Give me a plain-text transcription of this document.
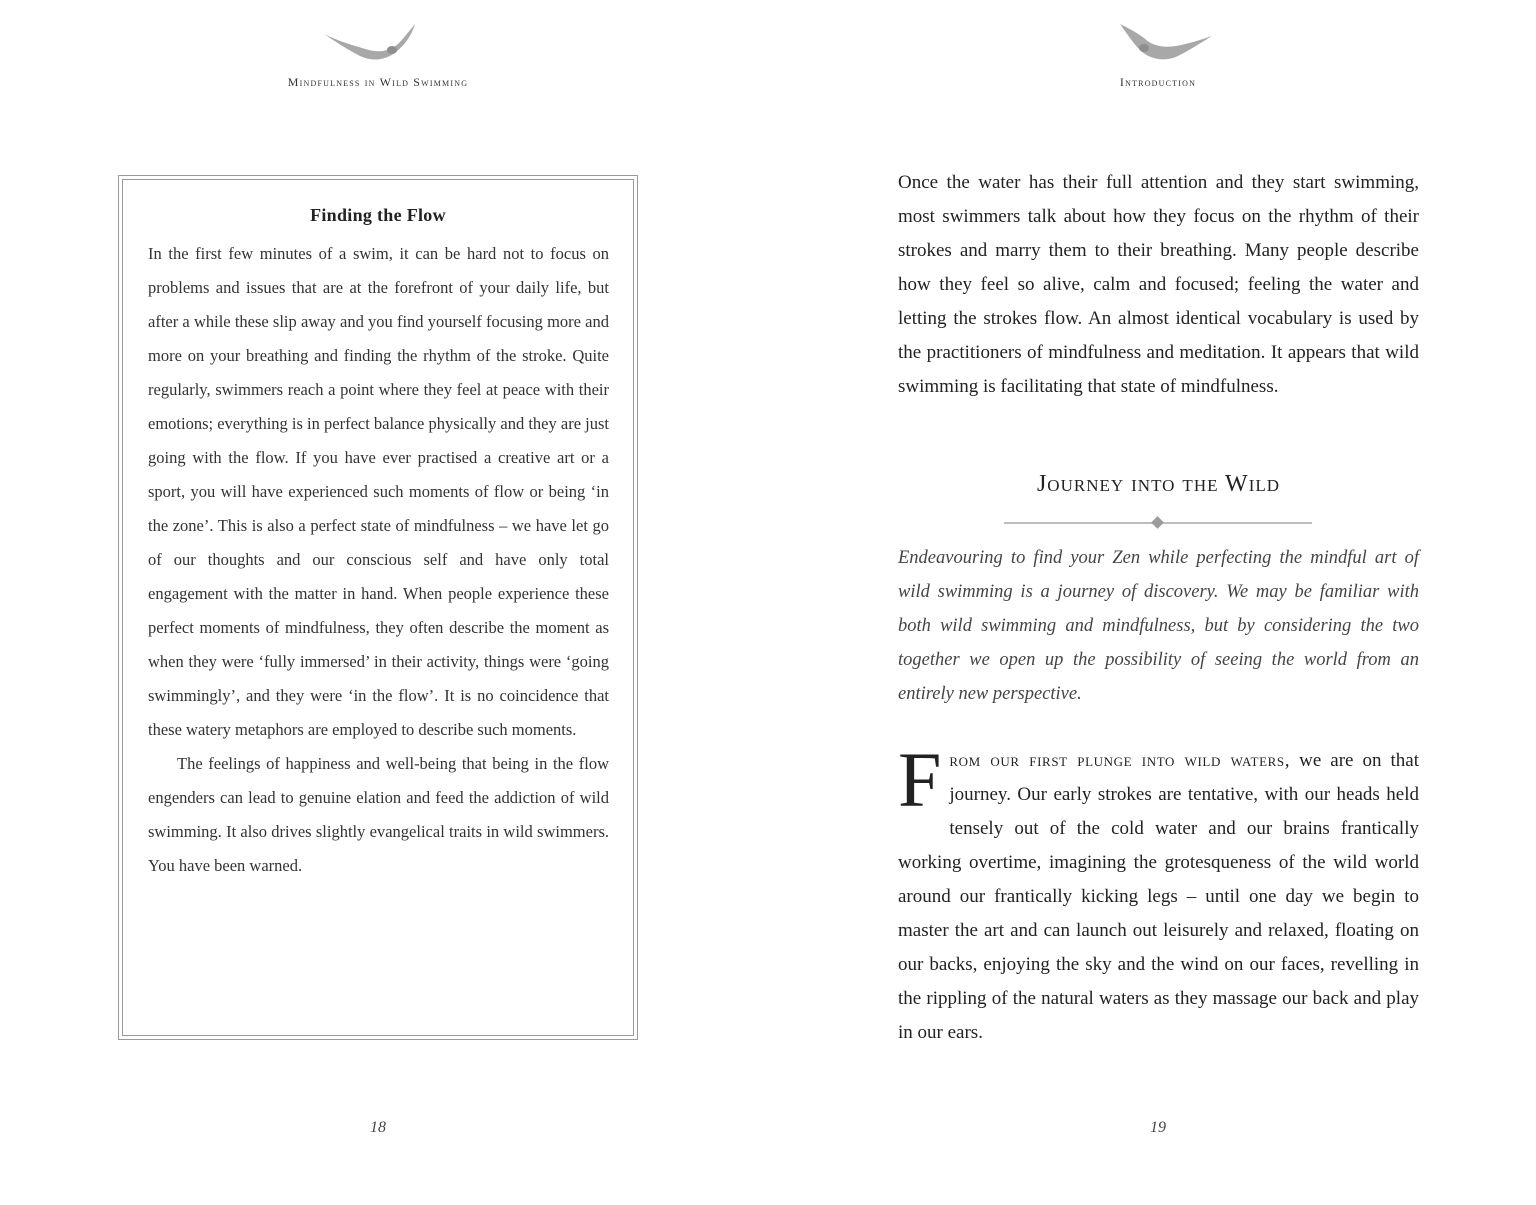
Mindfulness in Wild Swimming
Finding the Flow

In the first few minutes of a swim, it can be hard not to focus on problems and issues that are at the forefront of your daily life, but after a while these slip away and you find yourself focusing more and more on your breathing and finding the rhythm of the stroke. Quite regularly, swimmers reach a point where they feel at peace with their emotions; everything is in perfect balance physically and they are just going with the flow. If you have ever practised a creative art or a sport, you will have experienced such moments of flow or being ‘in the zone’. This is also a perfect state of mindfulness – we have let go of our thoughts and our conscious self and have only total engagement with the matter in hand. When people experience these perfect moments of mindfulness, they often describe the moment as when they were ‘fully immersed’ in their activity, things were ‘going swimmingly’, and they were ‘in the flow’. It is no coincidence that these watery metaphors are employed to describe such moments.

The feelings of happiness and well-being that being in the flow engenders can lead to genuine elation and feed the addiction of wild swimming. It also drives slightly evangelical traits in wild swimmers. You have been warned.

18
Introduction
19
Once the water has their full attention and they start swimming, most swimmers talk about how they focus on the rhythm of their strokes and marry them to their breathing. Many people describe how they feel so alive, calm and focused; feeling the water and letting the strokes flow. An almost identical vocabulary is used by the practitioners of mindfulness and meditation. It appears that wild swimming is facilitating that state of mindfulness.
Journey into the Wild
Endeavouring to find your Zen while perfecting the mindful art of wild swimming is a journey of discovery. We may be familiar with both wild swimming and mindfulness, but by considering the two together we open up the possibility of seeing the world from an entirely new perspective.
From our first plunge into wild waters, we are on that journey. Our early strokes are tentative, with our heads held tensely out of the cold water and our brains frantically working overtime, imagining the grotesqueness of the wild world around our frantically kicking legs – until one day we begin to master the art and can launch out leisurely and relaxed, floating on our backs, enjoying the sky and the wind on our faces, revelling in the rippling of the natural waters as they massage our back and play in our ears.
